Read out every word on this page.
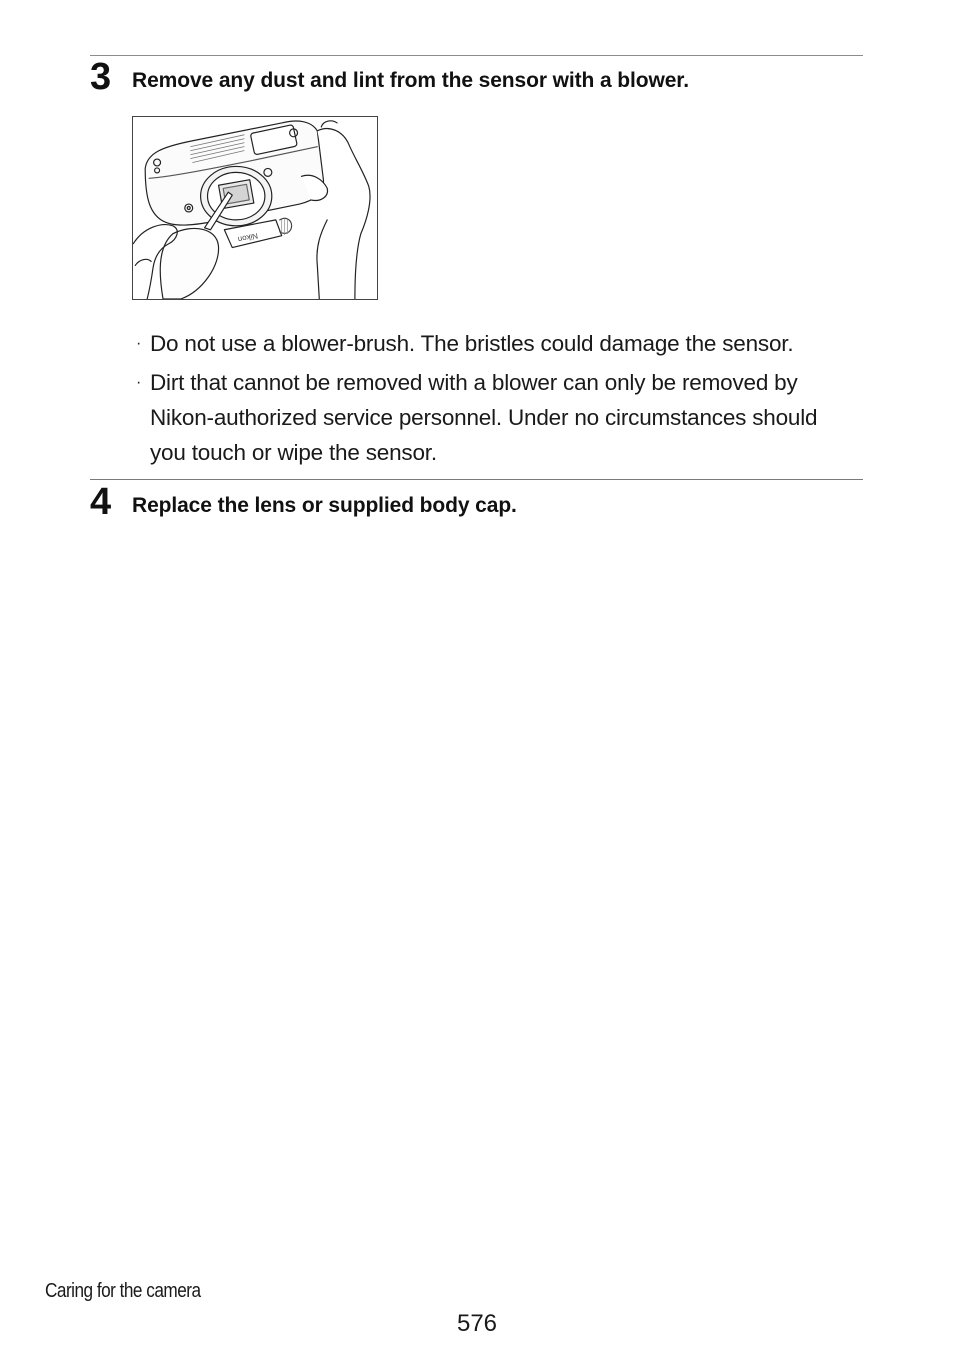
3 Remove any dust and lint from the sensor with a blower.
Nikon
· Do not use a blower-brush. The bristles could damage the sensor.
· Dirt that cannot be removed with a blower can only be removed by Nikon-authorized service personnel. Under no circumstances should you touch or wipe the sensor.
4 Replace the lens or supplied body cap.
Caring for the camera
576
